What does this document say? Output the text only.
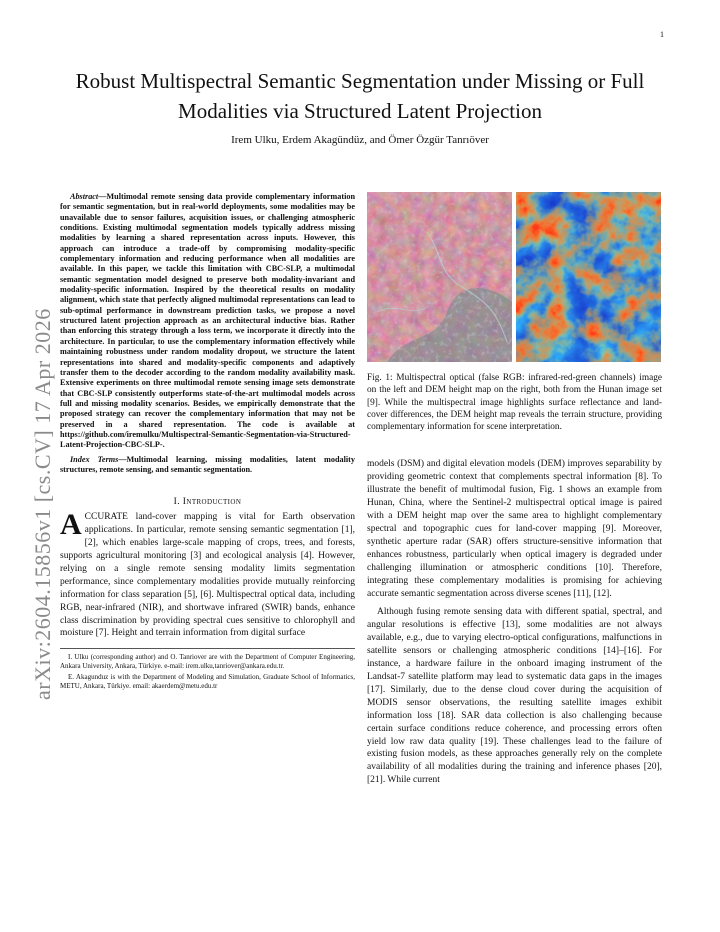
1
arXiv:2604.15856v1 [cs.CV] 17 Apr 2026
Robust Multispectral Semantic Segmentation under Missing or Full
Modalities via Structured Latent Projection
Irem Ulku, Erdem Akagündüz, and Ömer Özgür Tanrıöver

Abstract—Multimodal remote sensing data provide complementary information for semantic segmentation, but in real-world deployments, some modalities may be unavailable due to sensor failures, acquisition issues, or challenging atmospheric conditions. Existing multimodal segmentation models typically address missing modalities by learning a shared representation across inputs. However, this approach can introduce a trade-off by compromising modality-specific complementary information and reducing performance when all modalities are available. In this paper, we tackle this limitation with CBC-SLP, a multimodal semantic segmentation model designed to preserve both modality-invariant and modality-specific information. Inspired by the theoretical results on modality alignment, which state that perfectly aligned multimodal representations can lead to sub-optimal performance in downstream prediction tasks, we propose a novel structured latent projection approach as an architectural inductive bias. Rather than enforcing this strategy through a loss term, we incorporate it directly into the architecture. In particular, to use the complementary information effectively while maintaining robustness under random modality dropout, we structure the latent representations into shared and modality-specific components and adaptively transfer them to the decoder according to the random modality availability mask. Extensive experiments on three multimodal remote sensing image sets demonstrate that CBC-SLP consistently outperforms state-of-the-art multimodal models across full and missing modality scenarios. Besides, we empirically demonstrate that the proposed strategy can recover the complementary information that may not be preserved in a shared representation. The code is available at https://github.com/iremulku/Multispectral-Semantic-Segmentation-via-Structured-Latent-Projection-CBC-SLP-.

Index Terms—Multimodal learning, missing modalities, latent modality structures, remote sensing, and semantic segmentation.

I. Introduction

ACCURATE land-cover mapping is vital for Earth observation applications. In particular, remote sensing semantic segmentation [1], [2], which enables large-scale mapping of crops, trees, and forests, supports agricultural monitoring [3] and ecological analysis [4]. However, relying on a single remote sensing modality limits segmentation performance, since complementary modalities provide mutually reinforcing information for class separation [5], [6]. Multispectral optical data, including RGB, near-infrared (NIR), and shortwave infrared (SWIR) bands, enhance class discrimination by providing spectral cues sensitive to chlorophyll and moisture [7]. Height and terrain information from digital surface

I. Ulku (corresponding author) and O. Tanriover are with the Department of Computer Engineering, Ankara University, Ankara, Türkiye. e-mail: irem.ulku,tanriover@ankara.edu.tr.

E. Akagunduz is with the Department of Modeling and Simulation, Graduate School of Informatics, METU, Ankara, Türkiye. email: akaerdem@metu.edu.tr

Fig. 1: Multispectral optical (false RGB: infrared-red-green channels) image on the left and DEM height map on the right, both from the Hunan image set [9]. While the multispectral image highlights surface reflectance and land-cover differences, the DEM height map reveals the terrain structure, providing complementary information for scene interpretation.

models (DSM) and digital elevation models (DEM) improves separability by providing geometric context that complements spectral information [8]. To illustrate the benefit of multimodal fusion, Fig. 1 shows an example from Hunan, China, where the Sentinel-2 multispectral optical image is paired with a DEM height map over the same area to highlight complementary spectral and topographic cues for land-cover mapping [9]. Moreover, synthetic aperture radar (SAR) offers structure-sensitive information that enhances robustness, particularly when optical imagery is degraded under challenging illumination or atmospheric conditions [10]. Therefore, integrating these complementary modalities is promising for achieving accurate semantic segmentation across diverse scenes [11], [12].

Although fusing remote sensing data with different spatial, spectral, and angular resolutions is effective [13], some modalities are not always available, e.g., due to varying electro-optical configurations, malfunctions in satellite sensors or challenging atmospheric conditions [14]–[16]. For instance, a hardware failure in the onboard imaging instrument of the Landsat-7 satellite platform may lead to systematic data gaps in the images [17]. Similarly, due to the dense cloud cover during the acquisition of MODIS sensor observations, the resulting satellite images exhibit information loss [18]. SAR data collection is also challenging because certain surface conditions reduce coherence, and processing errors often yield low raw data quality [19]. These challenges lead to the failure of existing fusion models, as these approaches generally rely on the complete availability of all modalities during the training and inference phases [20], [21]. While current
